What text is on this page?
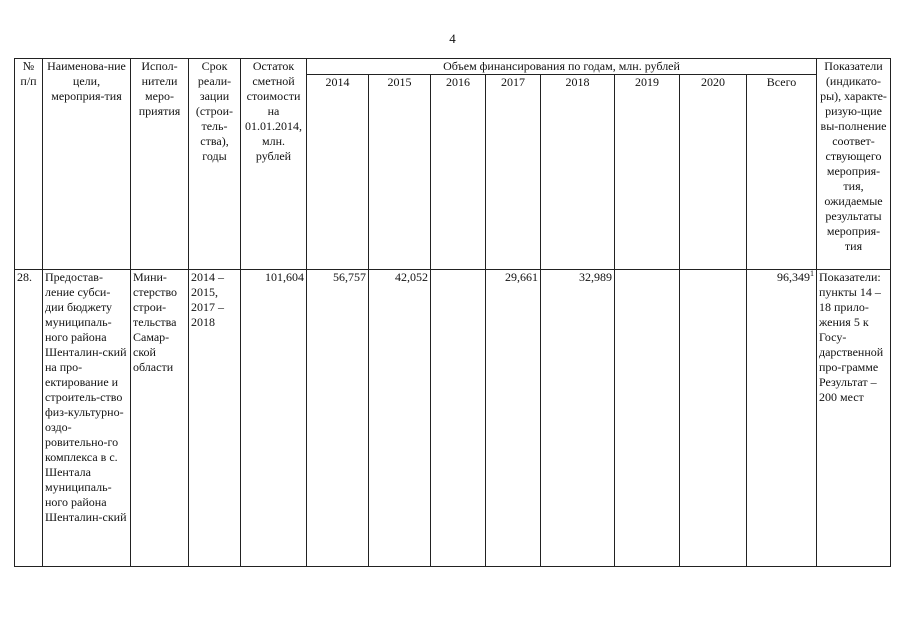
4
№ п/п	Наименова-ние цели, мероприя-тия	Испол-нители меро-приятия	Срок реали-зации (строи-тель-ства), годы	Остаток сметной стоимости на 01.01.2014, млн. рублей	Объем финансирования по годам, млн. рублей								Показатели (индикато-ры), характе-ризую-щие вы-полнение соответ-ствующего мероприя-тия, ожидаемые результаты мероприя-тия
					2014	2015	2016	2017	2018	2019	2020	Всего	
28.	Предостав-ление субси-дии бюджету муниципаль-ного района Шенталин-ский на про-ектирование и строитель-ство физ-культурно-оздо-ровительно-го комплекса в с. Шентала муниципаль-ного района Шенталин-ский	Мини-стерство строи-тельства Самар-ской области	2014 – 2015, 2017 – 2018	101,604	56,757	42,052		29,661	32,989			96,349$^1$	Показатели: пункты 14 – 18 прило-жения 5 к Госу-дарственной про-грамме Результат – 200 мест
